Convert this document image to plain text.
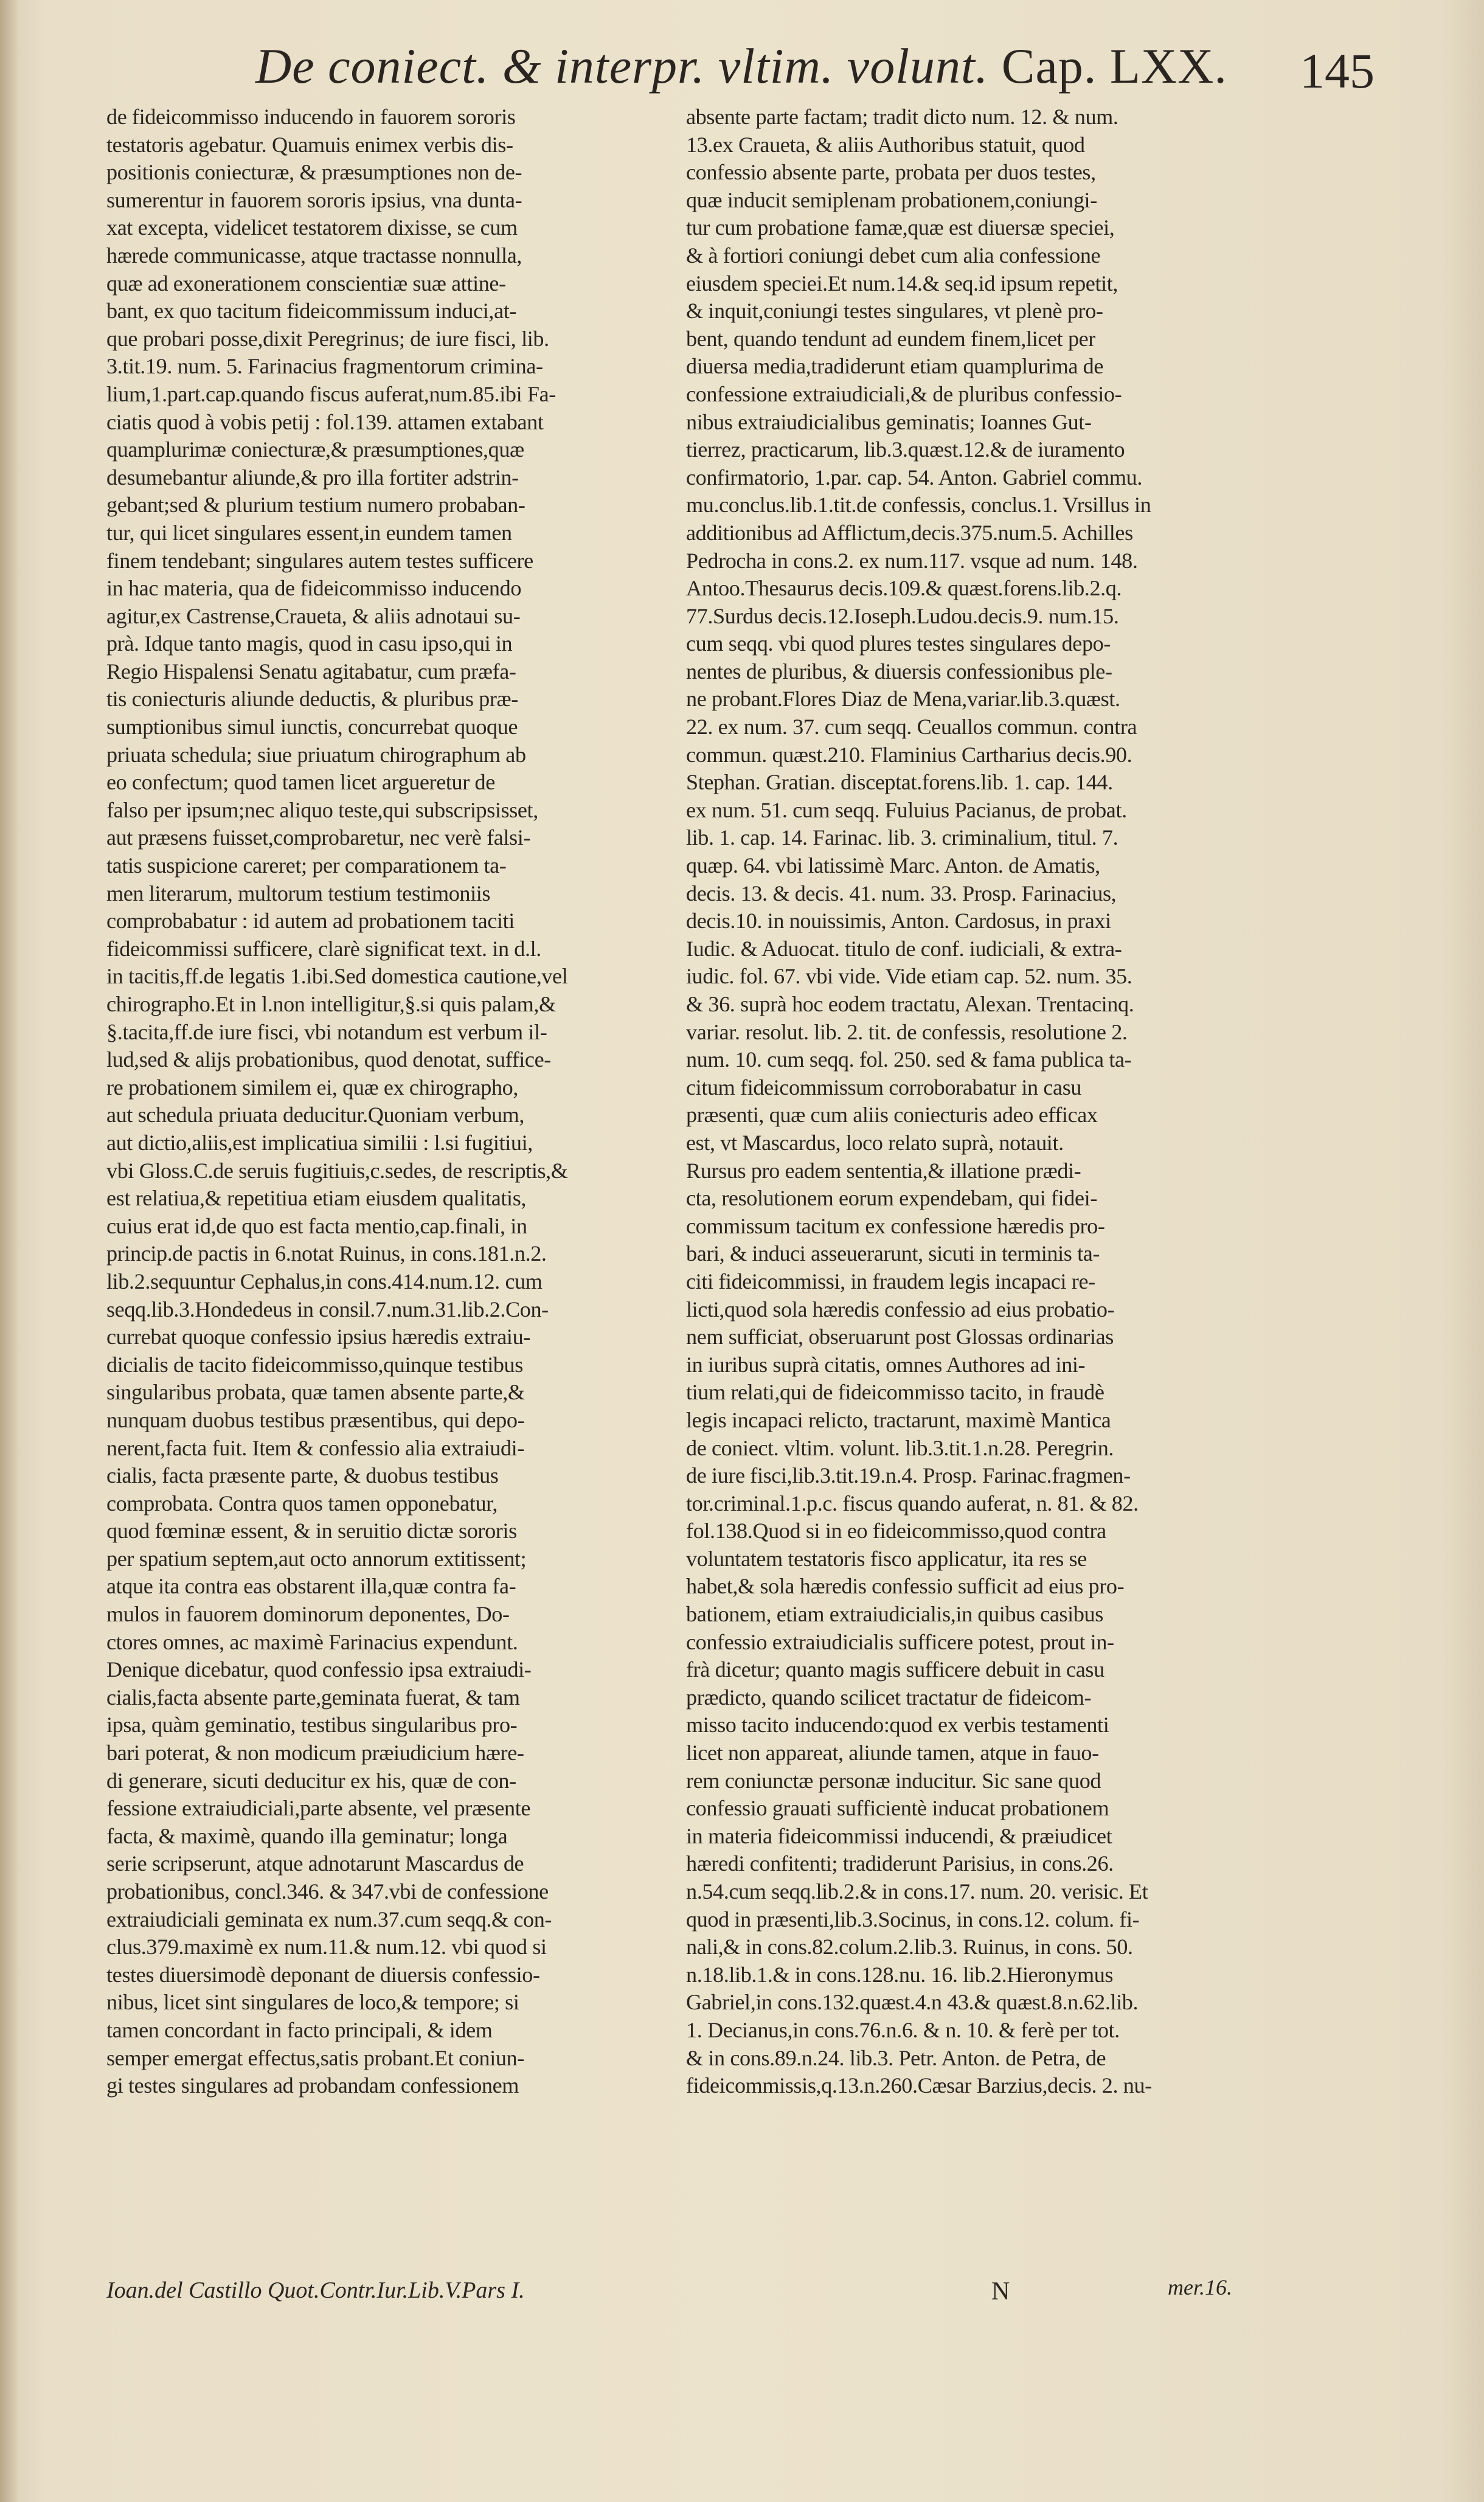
De coniect. & interpr. vltim. volunt. Cap. LXX. 145
de fideicommisso inducendo in fauorem sororis
testatoris agebatur. Quamuis enimex verbis dis-
positionis coniecturæ, & præsumptiones non de-
sumerentur in fauorem sororis ipsius, vna dunta-
xat excepta, videlicet testatorem dixisse, se cum
hærede communicasse, atque tractasse nonnulla,
quæ ad exonerationem conscientiæ suæ attine-
bant, ex quo tacitum fideicommissum induci,at-
que probari posse,dixit Peregrinus; de iure fisci, lib.
3.tit.19. num. 5. Farinacius fragmentorum crimina-
lium,1.part.cap.quando fiscus auferat,num.85.ibi Fa-
ciatis quod à vobis petij : fol.139. attamen extabant
quamplurimæ coniecturæ,& præsumptiones,quæ
desumebantur aliunde,& pro illa fortiter adstrin-
gebant;sed & plurium testium numero probaban-
tur, qui licet singulares essent,in eundem tamen
finem tendebant; singulares autem testes sufficere
in hac materia, qua de fideicommisso inducendo
agitur,ex Castrense,Craueta, & aliis adnotaui su-
prà. Idque tanto magis, quod in casu ipso,qui in
Regio Hispalensi Senatu agitabatur, cum præfa-
tis coniecturis aliunde deductis, & pluribus præ-
sumptionibus simul iunctis, concurrebat quoque
priuata schedula; siue priuatum chirographum ab
eo confectum; quod tamen licet argueretur de
falso per ipsum;nec aliquo teste,qui subscripsisset,
aut præsens fuisset,comprobaretur, nec verè falsi-
tatis suspicione careret; per comparationem ta-
men literarum, multorum testium testimoniis
comprobabatur : id autem ad probationem taciti
fideicommissi sufficere, clarè significat text. in d.l.
in tacitis,ff.de legatis 1.ibi.Sed domestica cautione,vel
chirographo.Et in l.non intelligitur,§.si quis palam,&
§.tacita,ff.de iure fisci, vbi notandum est verbum il-
lud,sed & alijs probationibus, quod denotat, suffice-
re probationem similem ei, quæ ex chirographo,
aut schedula priuata deducitur.Quoniam verbum,
aut dictio,aliis,est implicatiua similii : l.si fugitiui,
vbi Gloss.C.de seruis fugitiuis,c.sedes, de rescriptis,&
est relatiua,& repetitiua etiam eiusdem qualitatis,
cuius erat id,de quo est facta mentio,cap.finali, in
princip.de pactis in 6.notat Ruinus, in cons.181.n.2.
lib.2.sequuntur Cephalus,in cons.414.num.12. cum
seqq.lib.3.Hondedeus in consil.7.num.31.lib.2.Con-
currebat quoque confessio ipsius hæredis extraiu-
dicialis de tacito fideicommisso,quinque testibus
singularibus probata, quæ tamen absente parte,&
nunquam duobus testibus præsentibus, qui depo-
nerent,facta fuit. Item & confessio alia extraiudi-
cialis, facta præsente parte, & duobus testibus
comprobata. Contra quos tamen opponebatur,
quod fœminæ essent, & in seruitio dictæ sororis
per spatium septem,aut octo annorum extitissent;
atque ita contra eas obstarent illa,quæ contra fa-
mulos in fauorem dominorum deponentes, Do-
ctores omnes, ac maximè Farinacius expendunt.
Denique dicebatur, quod confessio ipsa extraiudi-
cialis,facta absente parte,geminata fuerat, & tam
ipsa, quàm geminatio, testibus singularibus pro-
bari poterat, & non modicum præiudicium hære-
di generare, sicuti deducitur ex his, quæ de con-
fessione extraiudiciali,parte absente, vel præsente
facta, & maximè, quando illa geminatur; longa
serie scripserunt, atque adnotarunt Mascardus de
probationibus, concl.346. & 347.vbi de confessione
extraiudiciali geminata ex num.37.cum seqq.& con-
clus.379.maximè ex num.11.& num.12. vbi quod si
testes diuersimodè deponant de diuersis confessio-
nibus, licet sint singulares de loco,& tempore; si
tamen concordant in facto principali, & idem
semper emergat effectus,satis probant.Et coniun-
gi testes singulares ad probandam confessionem
absente parte factam; tradit dicto num. 12. & num.
13.ex Craueta, & aliis Authoribus statuit, quod
confessio absente parte, probata per duos testes,
quæ inducit semiplenam probationem,coniungi-
tur cum probatione famæ,quæ est diuersæ speciei,
& à fortiori coniungi debet cum alia confessione
eiusdem speciei.Et num.14.& seq.id ipsum repetit,
& inquit,coniungi testes singulares, vt plenè pro-
bent, quando tendunt ad eundem finem,licet per
diuersa media,tradiderunt etiam quamplurima de
confessione extraiudiciali,& de pluribus confessio-
nibus extraiudicialibus geminatis; Ioannes Gut-
tierrez, practicarum, lib.3.quæst.12.& de iuramento
confirmatorio, 1.par. cap. 54. Anton. Gabriel commu.
mu.conclus.lib.1.tit.de confessis, conclus.1. Vrsillus in
additionibus ad Afflictum,decis.375.num.5. Achilles
Pedrocha in cons.2. ex num.117. vsque ad num. 148.
Antoo.Thesaurus decis.109.& quæst.forens.lib.2.q.
77.Surdus decis.12.Ioseph.Ludou.decis.9. num.15.
cum seqq. vbi quod plures testes singulares depo-
nentes de pluribus, & diuersis confessionibus ple-
ne probant.Flores Diaz de Mena,variar.lib.3.quæst.
22. ex num. 37. cum seqq. Ceuallos commun. contra
commun. quæst.210. Flaminius Cartharius decis.90.
Stephan. Gratian. disceptat.forens.lib. 1. cap. 144.
ex num. 51. cum seqq. Fuluius Pacianus, de probat.
lib. 1. cap. 14. Farinac. lib. 3. criminalium, titul. 7.
quæp. 64. vbi latissimè Marc. Anton. de Amatis,
decis. 13. & decis. 41. num. 33. Prosp. Farinacius,
decis.10. in nouissimis, Anton. Cardosus, in praxi
Iudic. & Aduocat. titulo de conf. iudiciali, & extra-
iudic. fol. 67. vbi vide. Vide etiam cap. 52. num. 35.
& 36. suprà hoc eodem tractatu, Alexan. Trentacinq.
variar. resolut. lib. 2. tit. de confessis, resolutione 2.
num. 10. cum seqq. fol. 250. sed & fama publica ta-
citum fideicommissum corroborabatur in casu
præsenti, quæ cum aliis coniecturis adeo efficax
est, vt Mascardus, loco relato suprà, notauit.
Rursus pro eadem sententia,& illatione prædi-
cta, resolutionem eorum expendebam, qui fidei-
commissum tacitum ex confessione hæredis pro-
bari, & induci asseuerarunt, sicuti in terminis ta-
citi fideicommissi, in fraudem legis incapaci re-
licti,quod sola hæredis confessio ad eius probatio-
nem sufficiat, obseruarunt post Glossas ordinarias
in iuribus suprà citatis, omnes Authores ad ini-
tium relati,qui de fideicommisso tacito, in fraudè
legis incapaci relicto, tractarunt, maximè Mantica
de coniect. vltim. volunt. lib.3.tit.1.n.28. Peregrin.
de iure fisci,lib.3.tit.19.n.4. Prosp. Farinac.fragmen-
tor.criminal.1.p.c. fiscus quando auferat, n. 81. & 82.
fol.138.Quod si in eo fideicommisso,quod contra
voluntatem testatoris fisco applicatur, ita res se
habet,& sola hæredis confessio sufficit ad eius pro-
bationem, etiam extraiudicialis,in quibus casibus
confessio extraiudicialis sufficere potest, prout in-
frà dicetur; quanto magis sufficere debuit in casu
prædicto, quando scilicet tractatur de fideicom-
misso tacito inducendo:quod ex verbis testamenti
licet non appareat, aliunde tamen, atque in fauo-
rem coniunctæ personæ inducitur. Sic sane quod
confessio grauati sufficientè inducat probationem
in materia fideicommissi inducendi, & præiudicet
hæredi confitenti; tradiderunt Parisius, in cons.26.
n.54.cum seqq.lib.2.& in cons.17. num. 20. verisic. Et
quod in præsenti,lib.3.Socinus, in cons.12. colum. fi-
nali,& in cons.82.colum.2.lib.3. Ruinus, in cons. 50.
n.18.lib.1.& in cons.128.nu. 16. lib.2.Hieronymus
Gabriel,in cons.132.quæst.4.n 43.& quæst.8.n.62.lib.
1. Decianus,in cons.76.n.6. & n. 10. & ferè per tot.
& in cons.89.n.24. lib.3. Petr. Anton. de Petra, de
fideicommissis,q.13.n.260.Cæsar Barzius,decis. 2. nu-
Ioan.del Castillo Quot.Contr.Iur.Lib.V.Pars I.	N	mer.16.
